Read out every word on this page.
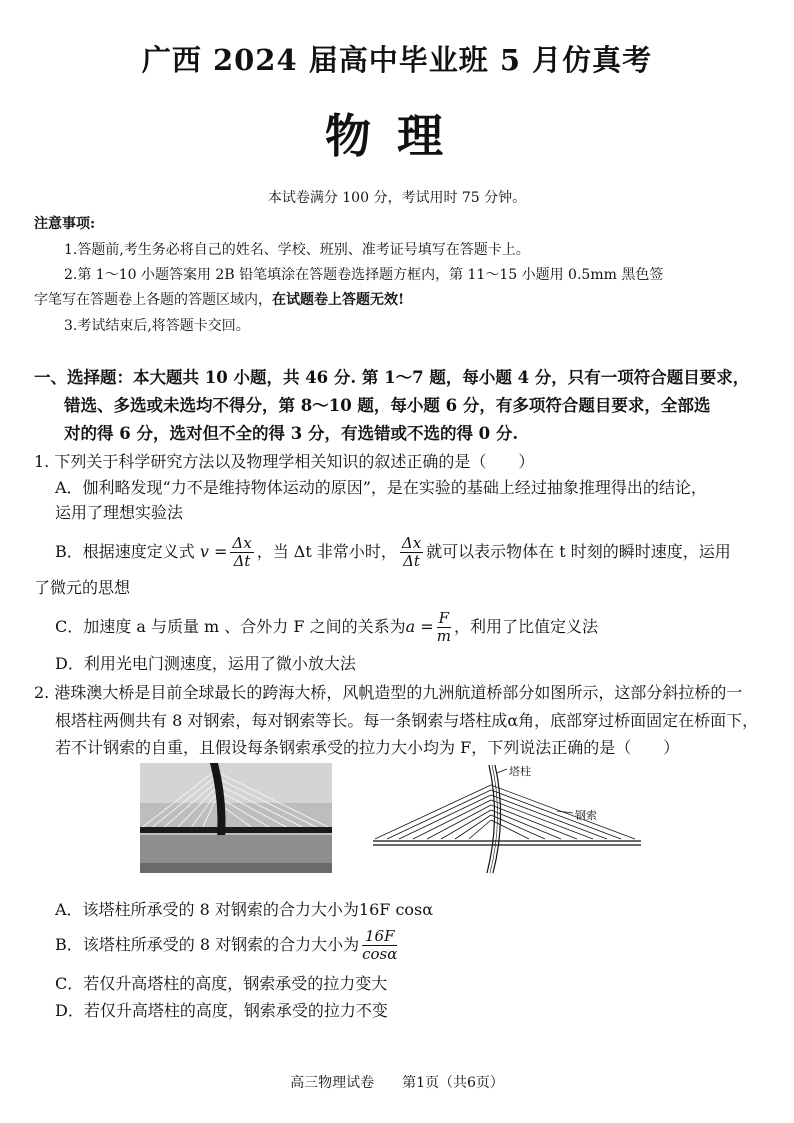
广西 2024 届高中毕业班 5 月仿真考
物理
本试卷满分 100 分，考试用时 75 分钟。
注意事项:
1.答题前,考生务必将自己的姓名、学校、班别、准考证号填写在答题卡上。
2.第 1～10 小题答案用 2B 铅笔填涂在答题卷选择题方框内，第 11～15 小题用 0.5mm 黑色签
字笔写在答题卷上各题的答题区域内，在试题卷上答题无效!
3.考试结束后,将答题卡交回。
一、选择题：本大题共 10 小题，共 46 分. 第 1～7 题，每小题 4 分，只有一项符合题目要求，
错选、多选或未选均不得分，第 8～10 题，每小题 6 分，有多项符合题目要求，全部选
对的得 6 分，选对但不全的得 3 分，有选错或不选的得 0 分.
1. 下列关于科学研究方法以及物理学相关知识的叙述正确的是（　　）
A．伽利略发现“力不是维持物体运动的原因”，是在实验的基础上经过抽象推理得出的结论，
运用了理想实验法
B．根据速度定义式 $v = \frac{\Delta x}{\Delta t}$ ，当 Δt 非常小时， $\frac{\Delta x}{\Delta t}$ 就可以表示物体在 t 时刻的瞬时速度，运用
了微元的思想
C．加速度 a 与质量 m 、合外力 F 之间的关系为$a = \frac{F}{m}$ ，利用了比值定义法
D．利用光电门测速度，运用了微小放大法
2. 港珠澳大桥是目前全球最长的跨海大桥，风帆造型的九洲航道桥部分如图所示，这部分斜拉桥的一
根塔柱两侧共有 8 对钢索，每对钢索等长。每一条钢索与塔柱成α角，底部穿过桥面固定在桥面下，
若不计钢索的自重，且假设每条钢索承受的拉力大小均为 F，下列说法正确的是（　　）
塔柱
钢索
A．该塔柱所承受的 8 对钢索的合力大小为16F cosα
B．该塔柱所承受的 8 对钢索的合力大小为 $\frac{16F}{\cos\alpha}$
C．若仅升高塔柱的高度，钢索承受的拉力变大
D．若仅升高塔柱的高度，钢索承受的拉力不变
高三物理试卷　　第1页（共6页）
